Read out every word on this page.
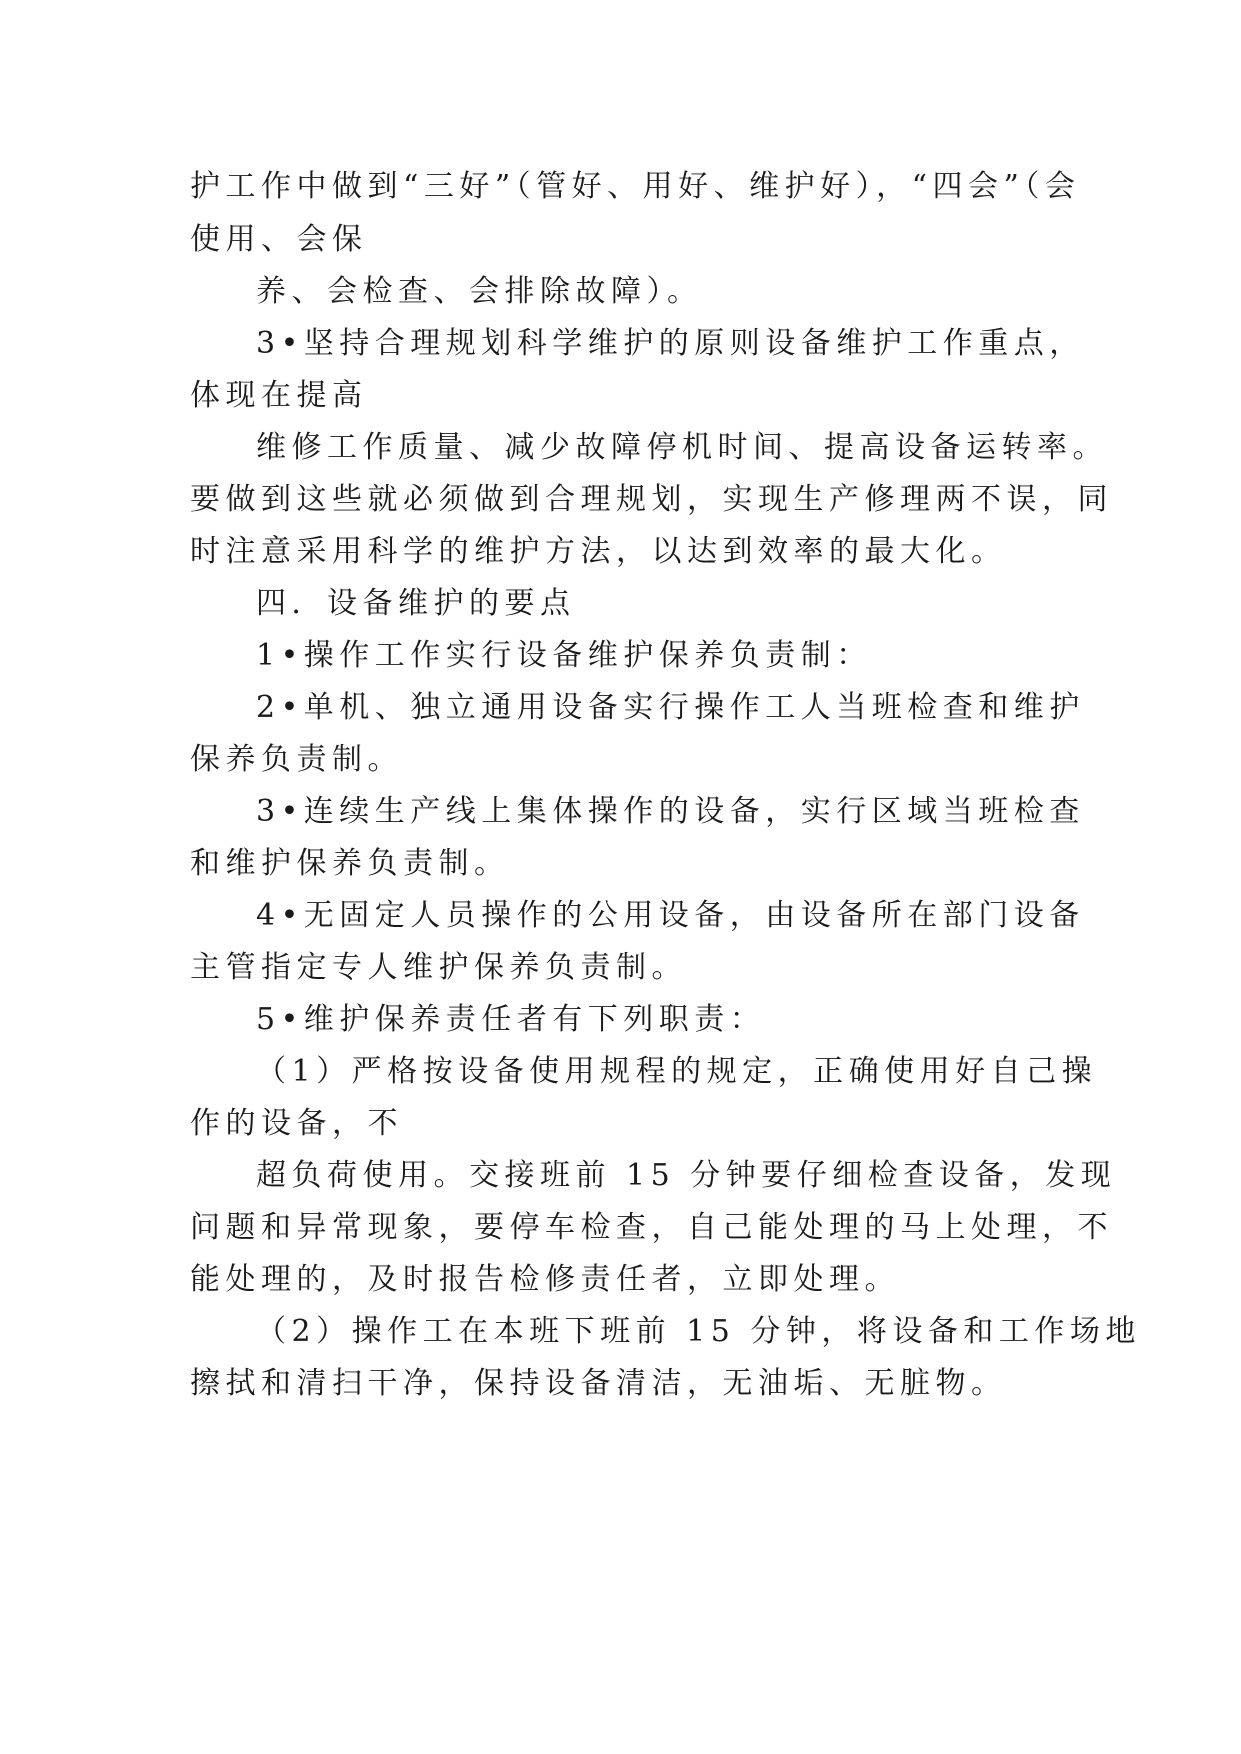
护工作中做到“三好”（管好、用好、维护好），“四会”（会
使用、会保
养、会检查、会排除故障）。
3•坚持合理规划科学维护的原则设备维护工作重点，
体现在提高
维修工作质量、减少故障停机时间、提高设备运转率。
要做到这些就必须做到合理规划，实现生产修理两不误，同
时注意采用科学的维护方法，以达到效率的最大化。
四．设备维护的要点
1•操作工作实行设备维护保养负责制：
2•单机、独立通用设备实行操作工人当班检查和维护
保养负责制。
3•连续生产线上集体操作的设备，实行区域当班检查
和维护保养负责制。
4•无固定人员操作的公用设备，由设备所在部门设备
主管指定专人维护保养负责制。
5•维护保养责任者有下列职责：
（1）严格按设备使用规程的规定，正确使用好自己操
作的设备，不
超负荷使用。交接班前 15 分钟要仔细检查设备，发现
问题和异常现象，要停车检查，自己能处理的马上处理，不
能处理的，及时报告检修责任者，立即处理。
（2）操作工在本班下班前 15 分钟，将设备和工作场地
擦拭和清扫干净，保持设备清洁，无油垢、无脏物。
